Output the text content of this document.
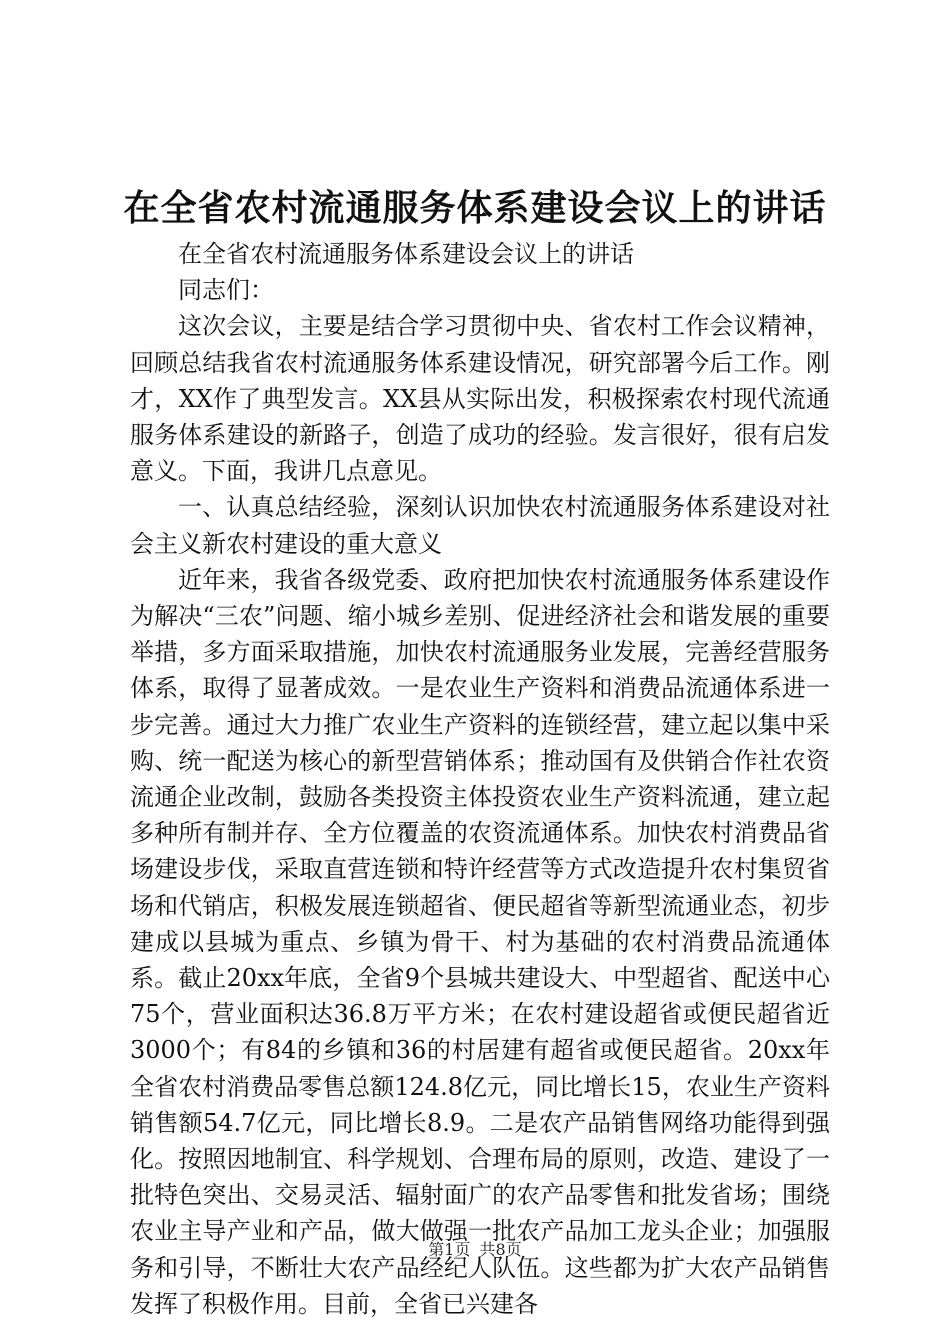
在全省农村流通服务体系建设会议上的讲话

在全省农村流通服务体系建设会议上的讲话

同志们：

这次会议，主要是结合学习贯彻中央、省农村工作会议精神，回顾总结我省农村流通服务体系建设情况，研究部署今后工作。刚才，XX作了典型发言。XX县从实际出发，积极探索农村现代流通服务体系建设的新路子，创造了成功的经验。发言很好，很有启发意义。下面，我讲几点意见。

一、认真总结经验，深刻认识加快农村流通服务体系建设对社会主义新农村建设的重大意义

近年来，我省各级党委、政府把加快农村流通服务体系建设作为解决“三农”问题、缩小城乡差别、促进经济社会和谐发展的重要举措，多方面采取措施，加快农村流通服务业发展，完善经营服务体系，取得了显著成效。一是农业生产资料和消费品流通体系进一步完善。通过大力推广农业生产资料的连锁经营，建立起以集中采购、统一配送为核心的新型营销体系；推动国有及供销合作社农资流通企业改制，鼓励各类投资主体投资农业生产资料流通，建立起多种所有制并存、全方位覆盖的农资流通体系。加快农村消费品省场建设步伐，采取直营连锁和特许经营等方式改造提升农村集贸省场和代销店，积极发展连锁超省、便民超省等新型流通业态，初步建成以县城为重点、乡镇为骨干、村为基础的农村消费品流通体系。截止20xx年底，全省9个县城共建设大、中型超省、配送中心75个，营业面积达36.8万平方米；在农村建设超省或便民超省近3000个；有84的乡镇和36的村居建有超省或便民超省。20xx年全省农村消费品零售总额124.8亿元，同比增长15，农业生产资料销售额54.7亿元，同比增长8.9。二是农产品销售网络功能得到强化。按照因地制宜、科学规划、合理布局的原则，改造、建设了一批特色突出、交易灵活、辐射面广的农产品零售和批发省场；围绕农业主导产业和产品，做大做强一批农产品加工龙头企业；加强服务和引导，不断壮大农产品经纪人队伍。这些都为扩大农产品销售发挥了积极作用。目前，全省已兴建各

第1页 共8页
